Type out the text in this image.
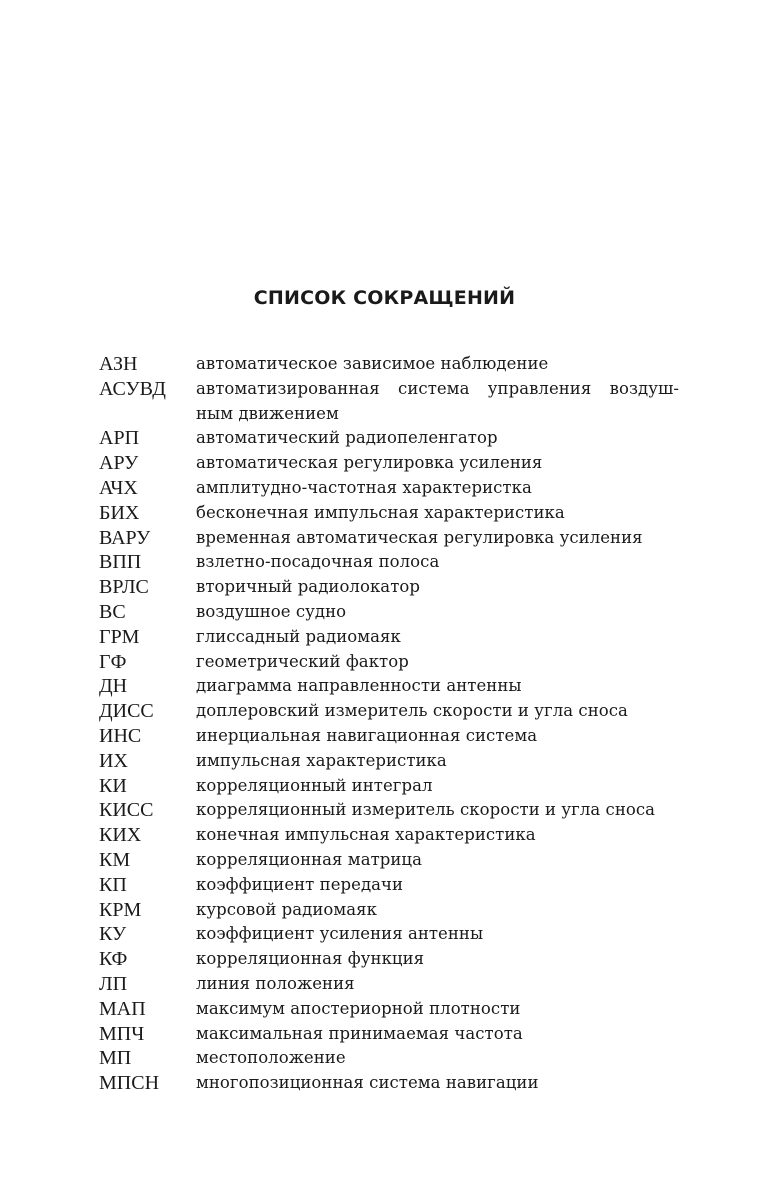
СПИСОК СОКРАЩЕНИЙ
АЗН	автоматическое зависимое наблюдение
АСУВД	автоматизированная система управления воздуш-
ным движением
АРП	автоматический радиопеленгатор
АРУ	автоматическая регулировка усиления
АЧХ	амплитудно-частотная характеристка
БИХ	бесконечная импульсная характеристика
ВАРУ	временная автоматическая регулировка усиления
ВПП	взлетно-посадочная полоса
ВРЛС	вторичный радиолокатор
ВС	воздушное судно
ГРМ	глиссадный радиомаяк
ГФ	геометрический фактор
ДН	диаграмма направленности антенны
ДИСС	доплеровский измеритель скорости и угла сноса
ИНС	инерциальная навигационная система
ИХ	импульсная характеристика
КИ	корреляционный интеграл
КИСС	корреляционный измеритель скорости и угла сноса
КИХ	конечная импульсная характеристика
КМ	корреляционная матрица
КП	коэффициент передачи
КРМ	курсовой радиомаяк
КУ	коэффициент усиления антенны
КФ	корреляционная функция
ЛП	линия положения
МАП	максимум апостериорной плотности
МПЧ	максимальная принимаемая частота
МП	местоположение
МПСН	многопозиционная система навигации
